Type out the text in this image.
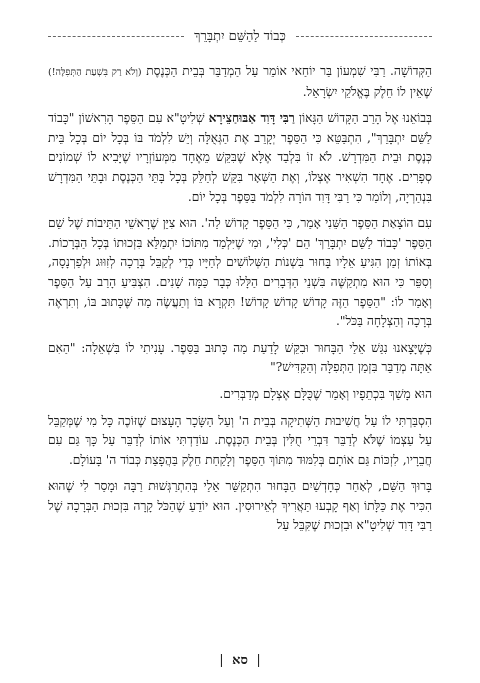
כְּבוֹד לַהַשֵּׁם יִתְבָּרֵךְ

הַקְּדוֹשָׁה. רַבִּי שִׁמְעוֹן בַּר יוֹחַאי אוֹמֵר עַל הַמְדַבֵּר בְּבֵית הַכְּנֶסֶת (וְלֹא רַק בִּשְׁעַת הַתְּפִלָּה!) שֶׁאֵין לוֹ חֵלֶק בֶּאֱלֹקֵי יִשְׂרָאֵל.

בְּבוֹאֵנוּ אֶל הָרַב הַקָּדוֹשׁ הַגָּאוֹן רַבִּי דָּוִד אַבּוּחַצֵירָא שְׁלִיטָ"א עִם הַסֵּפֶר הָרִאשׁוֹן "כָּבוֹד לַשֵּׁם יִתְבָּרֵךְ", הִתְבַּטֵּא כִּי הַסֵּפֶר יְקָרֵב אֶת הַגְּאֻלָּה וְיֵשׁ לִלְמֹד בּוֹ בְּכָל יוֹם בְּכָל בֵּית כְּנֶסֶת וּבֵית הַמִּדְרָשׁ. לֹא זוֹ בִּלְבַד אֶלָּא שֶׁבִּקֵּשׁ מֵאֶחָד מִמְּעוֹזְרָיו שֶׁיָּבִיא לוֹ שְׁמוֹנִים סְפָרִים. אֶחָד הִשְׁאִיר אֶצְלוֹ, וְאֶת הַשְּׁאָר בִּקֵּשׁ לְחַלֵּק בְּכָל בָּתֵּי הַכְּנֶסֶת וּבָתֵּי הַמִּדְרָשׁ בִּנְהַרְיָה, וְלוֹמַר כִּי רַבִּי דָּוִד הוֹרָה לִלְמֹד בַּסֵּפֶר בְּכָל יוֹם.

עִם הוֹצָאַת הַסֵּפֶר הַשֵּׁנִי אָמַר, כִּי הַסֵּפֶר קָדוֹשׁ לַה'. הוּא צִיֵּן שֶׁרָאשֵׁי הַתֵּיבוֹת שֶׁל שֵׁם הַסֵּפֶר 'כָּבוֹד לַשֵּׁם יִתְבָּרֵךְ' הֵם 'כְּלִי', וּמִי שֶׁיִּלְמַד מִתּוֹכוֹ יִתְמַלֵּא בִּזְכוּתוֹ בְּכָל הַבְּרָכוֹת. בְּאוֹתוֹ זְמַן הִגִּיעַ אֵלָיו בָּחוּר בִּשְׁנוֹת הַשְּׁלוֹשִׁים לְחַיָּיו כְּדֵי לְקַבֵּל בְּרָכָה לְזִוּוּג וּלְפַרְנָסָה, וְסִפֵּר כִּי הוּא מִתְקַשֶּׁה בִּשְׁנֵי הַדְּבָרִים הַלָּלוּ כְּבָר כַּמָּה שָׁנִים. הִצְבִּיעַ הָרַב עַל הַסֵּפֶר וְאָמַר לוֹ: "הַסֵּפֶר הַזֶּה קָדוֹשׁ קָדוֹשׁ קָדוֹשׁ! תִּקְרָא בּוֹ וְתַעֲשֶׂה מַה שֶּׁכָּתוּב בּוֹ, וְתִרְאֶה בְּרָכָה וְהַצְלָחָה בַּכֹּל".

כְּשֶׁיָּצָאנוּ נִגַּשׁ אֵלַי הַבָּחוּר וּבִקֵּשׁ לָדַעַת מַה כָּתוּב בַּסֵּפֶר. עָנִיתִי לוֹ בִּשְׁאֵלָה: "הַאִם אַתָּה מְדַבֵּר בִּזְמַן הַתְּפִלָּה וְהַקַּדִּישׁ?"

הוּא מָשַׁךְ בִּכְתֵפָיו וְאָמַר שֶׁכֻּלָּם אֶצְלָם מְדַבְּרִים.

הִסְבַּרְתִּי לוֹ עַל חֲשִׁיבוּת הַשְּׁתִיקָה בְּבֵית ה' וְעַל הַשָּׂכָר הָעָצוּם שֶׁזּוֹכֶה כָּל מִי שֶׁמְּקַבֵּל עַל עַצְמוֹ שֶׁלֹּא לְדַבֵּר דִּבְרֵי חֻלִּין בְּבֵית הַכְּנֶסֶת. עוֹדַדְתִּי אוֹתוֹ לְדַבֵּר עַל כָּךְ גַּם עִם חֲבֵרָיו, לִזְכּוֹת גַּם אוֹתָם בְּלִמּוּד מִתּוֹךְ הַסֵּפֶר וְלָקַחַת חֵלֶק בַּהֲפָצַת כְּבוֹד ה' בָּעוֹלָם.

בָּרוּךְ הַשֵּׁם, לְאַחַר כְּחָדְשַׁיִם הַבָּחוּר הִתְקַשֵּׁר אֵלַי בְּהִתְרַגְּשׁוּת רַבָּה וּמָסַר לִי שֶׁהוּא הִכִּיר אֶת כַּלָּתוֹ וְאַף קָבְעוּ תַּאֲרִיךְ לְאֵירוּסִין. הוּא יוֹדֵעַ שֶׁהַכֹּל קָרָה בִּזְכוּת הַבְּרָכָה שֶׁל רַבִּי דָּוִד שְׁלִיטָ"א וּבִזְכוּת שֶׁקִּבֵּל עַל

| סא |
